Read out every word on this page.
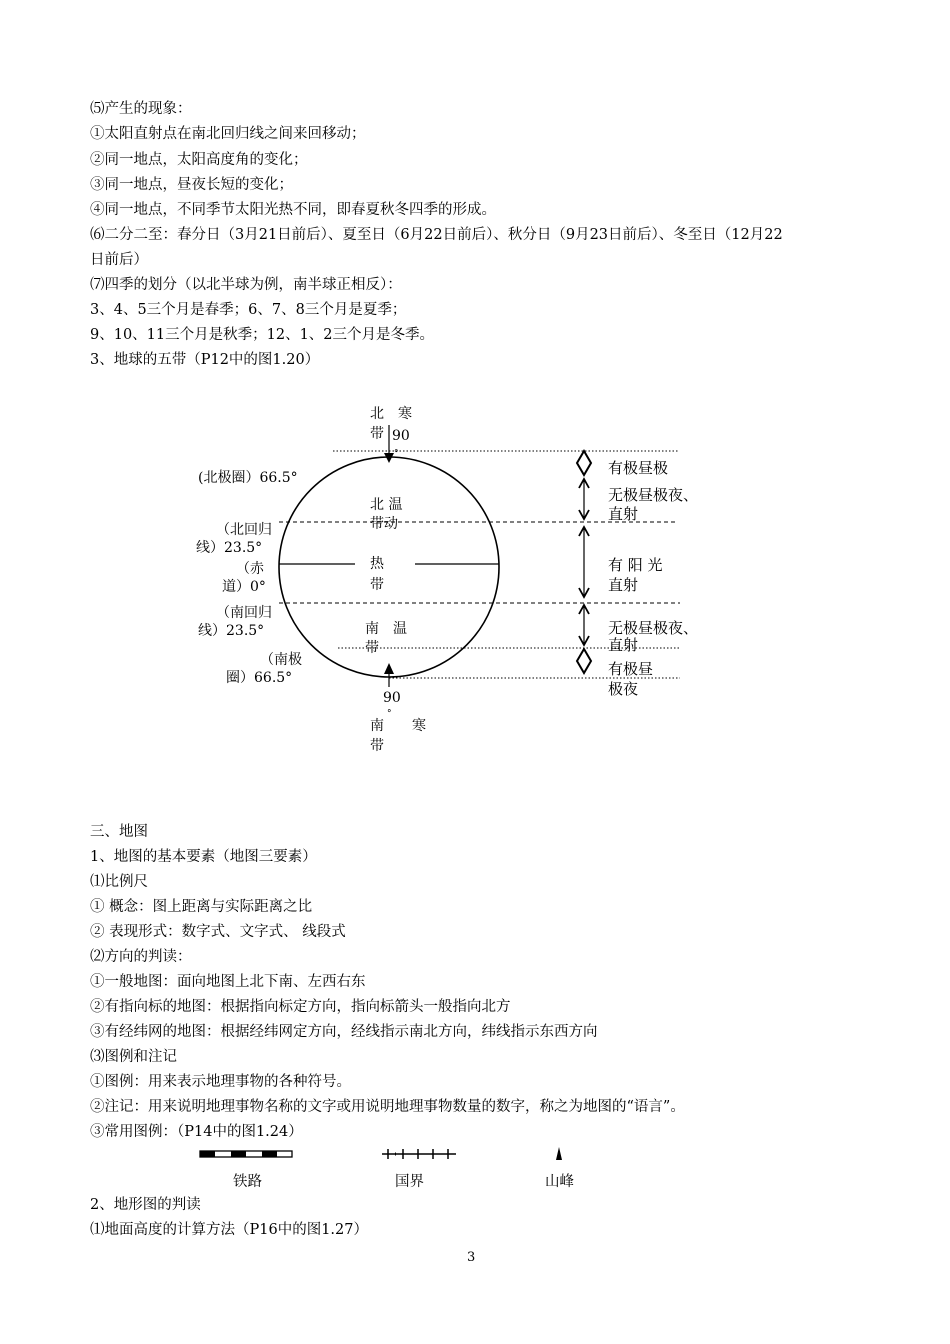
⑸产生的现象：
①太阳直射点在南北回归线之间来回移动；
②同一地点，太阳高度角的变化；
③同一地点，昼夜长短的变化；
④同一地点，不同季节太阳光热不同，即春夏秋冬四季的形成。
⑹二分二至：春分日（3月21日前后）、夏至日（6月22日前后）、秋分日（9月23日前后）、冬至日（12月22
日前后）
⑺四季的划分（以北半球为例，南半球正相反）：
3、4、5三个月是春季；6、7、8三个月是夏季；
9、10、11三个月是秋季；12、1、2三个月是冬季。
3、地球的五带（P12中的图1.20）
北　寒
带 90
°
(北极圈）66.5°
北 温
带动
（北回归
线）23.5°
（赤
道）0°
热
带
（南回归
线）23.5°	南　温
带
（南极
圈）66.5°
90
°
南　　寒
带
有极昼极
无极昼极夜、
直射
有 阳 光
直射
无极昼极夜、
直射
有极昼
极夜
三、地图
1、地图的基本要素（地图三要素）
⑴比例尺
① 概念：图上距离与实际距离之比
② 表现形式：数字式、文字式、 线段式
⑵方向的判读：
①一般地图：面向地图上北下南、左西右东
②有指向标的地图：根据指向标定方向，指向标箭头一般指向北方
③有经纬网的地图：根据经纬网定方向，经线指示南北方向，纬线指示东西方向
⑶图例和注记
①图例：用来表示地理事物的各种符号。
②注记：用来说明地理事物名称的文字或用说明地理事物数量的数字，称之为地图的“语言”。
③常用图例：（P14中的图1.24）
铁路	国界	山峰
2、地形图的判读
⑴地面高度的计算方法（P16中的图1.27）
3
